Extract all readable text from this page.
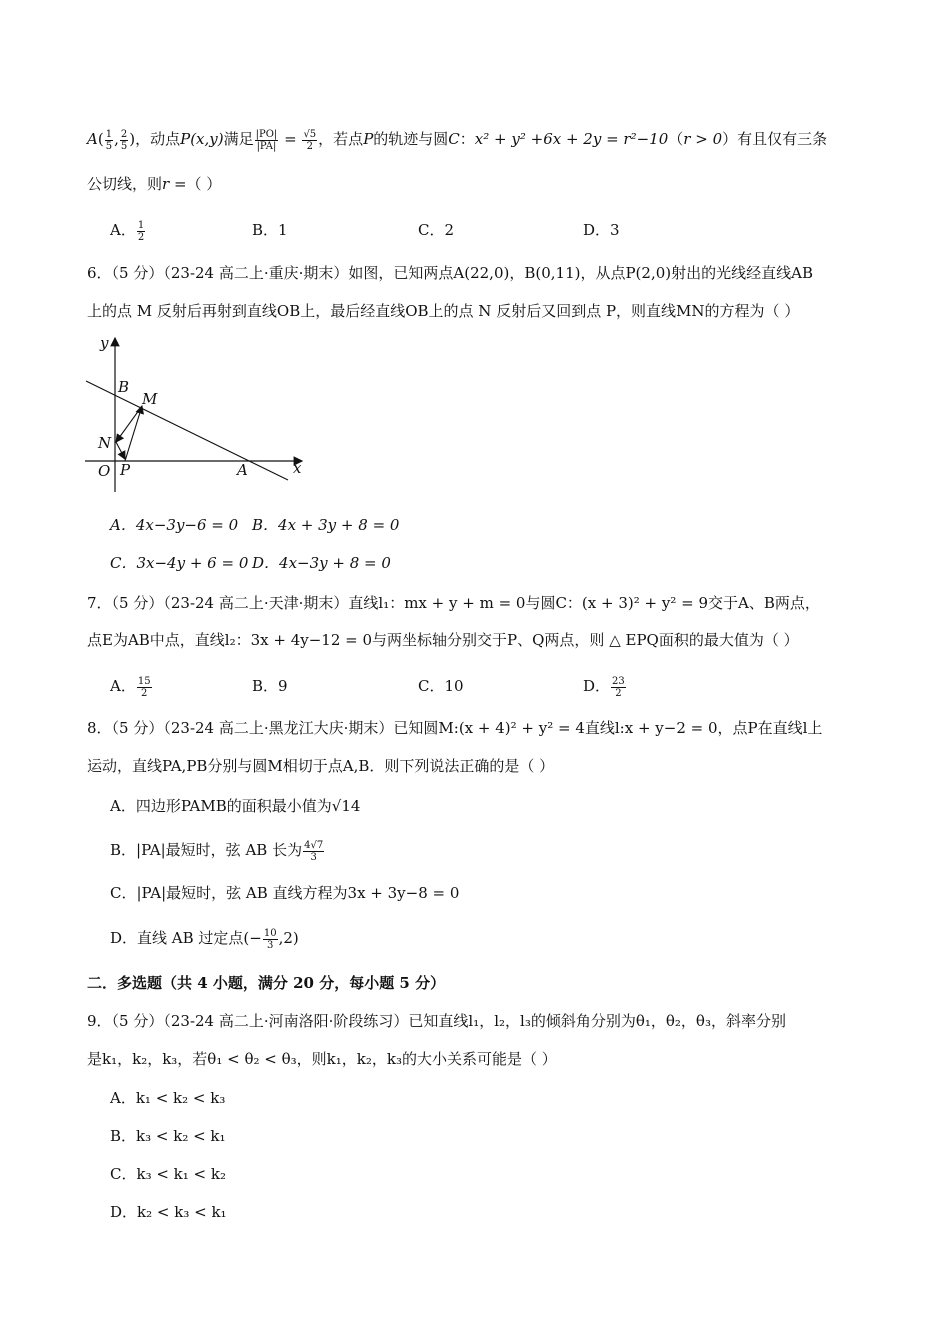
$A( \frac{1}{5}$ , $\frac{2}{5}$ )，动点P(x,y)满足 $\frac{|PO|}{|PA|} = \frac{√5}{2}$ ，若点P的轨迹与圆C：x² + y² +6x + 2y = r²−10（r > 0）有且仅有三条
公切线，则r =（ ）
A． $\frac{1}{2}$	B．1	C．2	D．3
6．（5 分）（23-24 高二上·重庆·期末）如图，已知两点A(22,0)，B(0,11)，从点P(2,0)射出的光线经直线AB
上的点 M 反射后再射到直线OB上，最后经直线OB上的点 N 反射后又回到点 P，则直线MN的方程为（ ）
y
x
B
M
N
O P	A
A．4x−3y−6 = 0 B．4x + 3y + 8 = 0
C．3x−4y + 6 = 0 D．4x−3y + 8 = 0
7．（5 分）（23-24 高二上·天津·期末）直线l₁：mx + y + m = 0与圆C：(x + 3)² + y² = 9交于A、B两点，
点E为AB中点，直线l₂：3x + 4y−12 = 0与两坐标轴分别交于P、Q两点，则 △ EPQ面积的最大值为（ ）
A． $\frac{15}{2}$	B．9	C．10	D． $\frac{23}{2}$
8．（5 分）（23-24 高二上·黑龙江大庆·期末）已知圆M:(x + 4)² + y² = 4直线l:x + y−2 = 0，点P在直线l上
运动，直线PA,PB分别与圆M相切于点A,B．则下列说法正确的是（ ）
A．四边形PAMB的面积最小值为√14
B．|PA|最短时，弦 AB 长为 $\frac{4√7}{3}$
C．|PA|最短时，弦 AB 直线方程为3x + 3y−8 = 0
D．直线 AB 过定点(− $\frac{10}{3} ,2$)
二．多选题（共 4 小题，满分 20 分，每小题 5 分）
9．（5 分）（23-24 高二上·河南洛阳·阶段练习）已知直线l₁，l₂，l₃的倾斜角分别为θ₁，θ₂，θ₃，斜率分别
是k₁，k₂，k₃，若θ₁ < θ₂ < θ₃，则k₁，k₂，k₃的大小关系可能是（ ）
A．k₁ < k₂ < k₃
B．k₃ < k₂ < k₁
C．k₃ < k₁ < k₂
D．k₂ < k₃ < k₁
